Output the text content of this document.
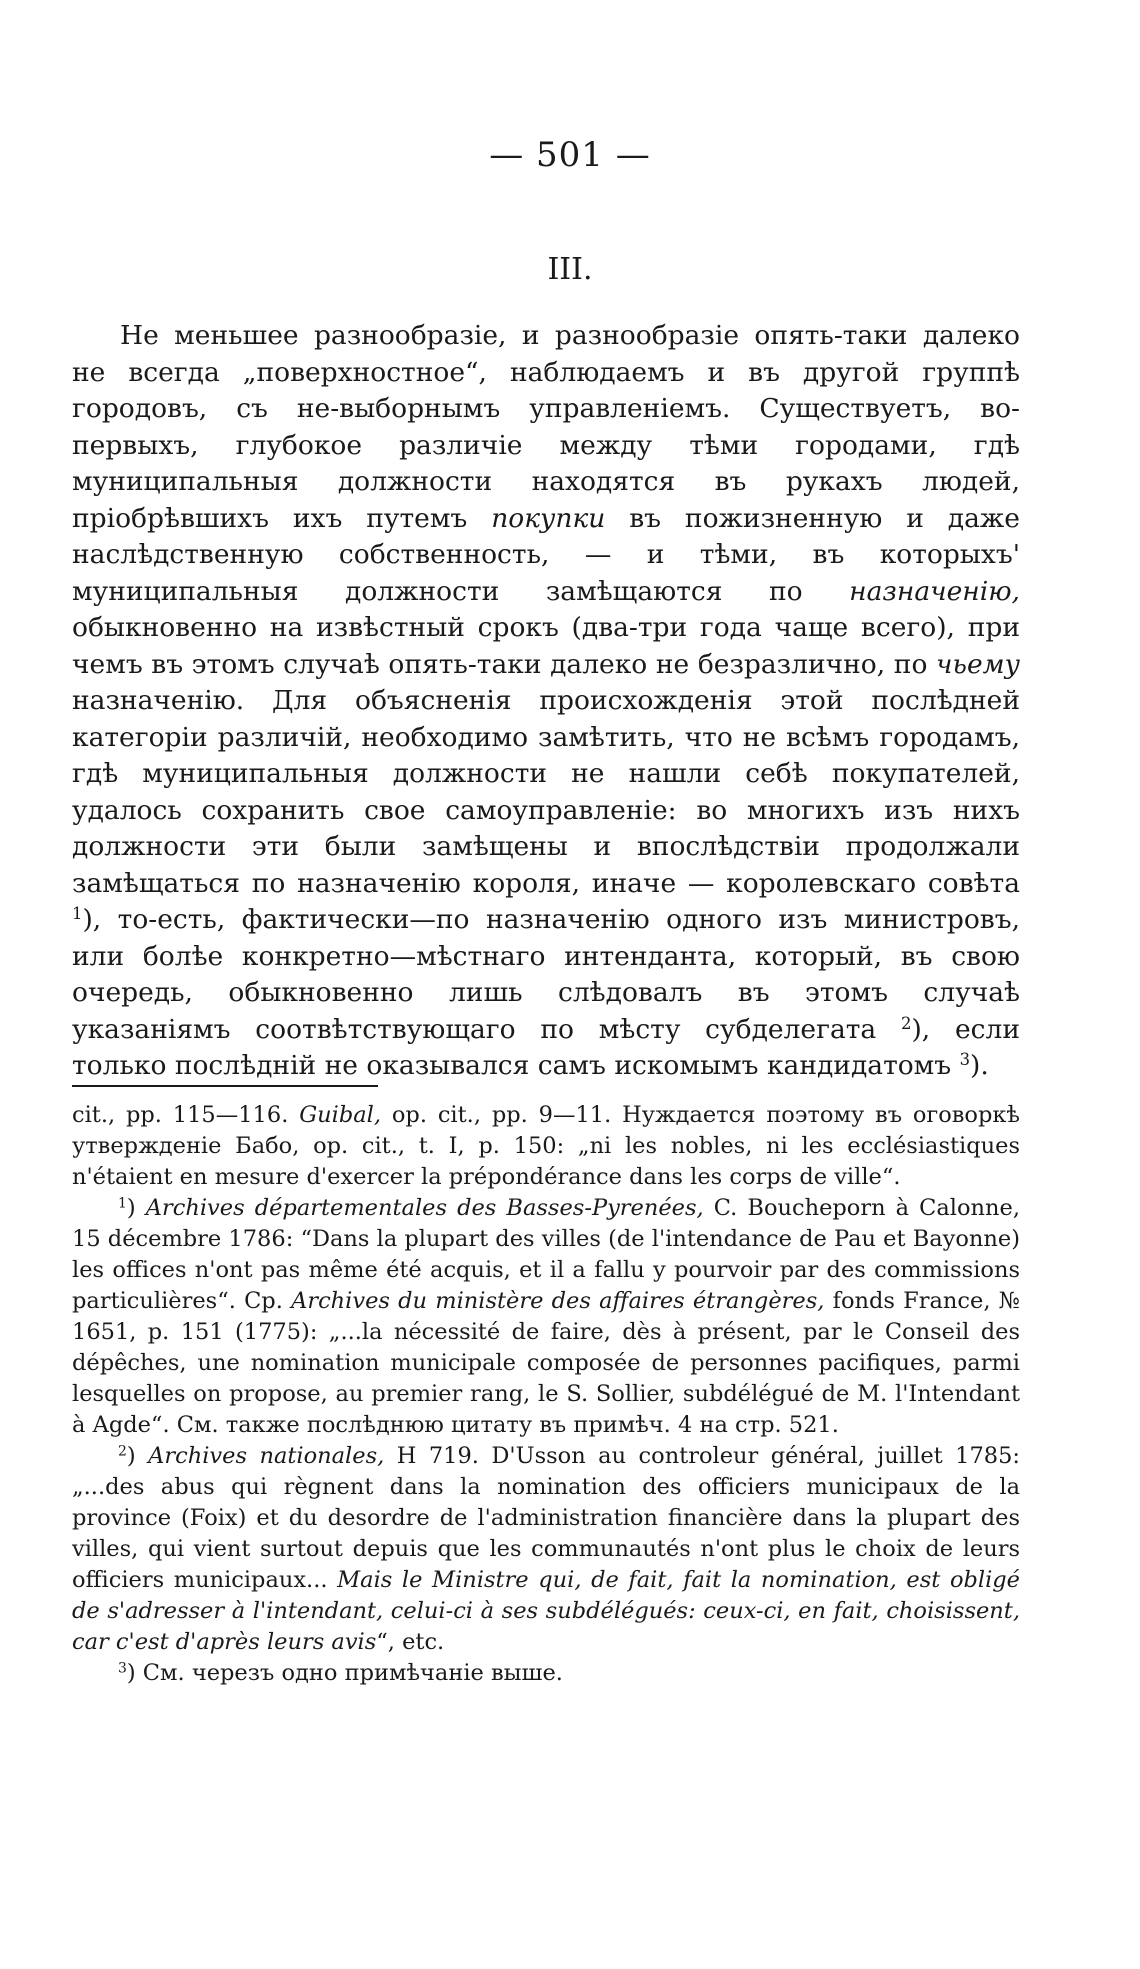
— 501 —
III.

Не меньшее разнообразіе, и разнообразіе опять-таки далеко не всегда „поверхностное“, наблюдаемъ и въ другой группѣ городовъ, съ не-выборнымъ управленіемъ. Существуетъ, во-первыхъ, глубокое различіе между тѣми городами, гдѣ муниципальныя должности находятся въ рукахъ людей, пріобрѣвшихъ ихъ путемъ покупки въ пожизненную и даже наслѣдственную собственность, — и тѣми, въ которыхъ' муниципальныя должности замѣщаются по назначенію, обыкновенно на извѣстный срокъ (два-три года чаще всего), при чемъ въ этомъ случаѣ опять-таки далеко не безразлично, по чьему назначенію. Для объясненія происхожденія этой послѣдней категоріи различій, необходимо замѣтить, что не всѣмъ городамъ, гдѣ муниципальныя должности не нашли себѣ покупателей, удалось сохранить свое самоуправленіе: во многихъ изъ нихъ должности эти были замѣщены и впослѣдствіи продолжали замѣщаться по назначенію короля, иначе — королевскаго совѣта $^1$), то-есть, фактически—по назначенію одного изъ министровъ, или болѣе конкретно—мѣстнаго интенданта, который, въ свою очередь, обыкновенно лишь слѣдовалъ въ этомъ случаѣ указаніямъ соотвѣтствующаго по мѣсту субделегата $^2$), если только послѣдній не оказывался самъ искомымъ кандидатомъ $^3$).

cit., pp. 115—116. Guibal, op. cit., pp. 9—11. Нуждается поэтому въ оговоркѣ утвержденіе Бабо, op. cit., t. I, p. 150: „ni les nobles, ni les ecclésiastiques n'étaient en mesure d'exercer la prépondérance dans les corps de ville“.

$^1$) Archives départementales des Basses-Pyrenées, C. Boucheporn à Calonne, 15 décembre 1786: “Dans la plupart des villes (de l'intendance de Pau et Bayonne) les offices n'ont pas même été acquis, et il a fallu y pourvoir par des commissions particulières“. Ср. Archives du ministère des affaires étrangères, fonds France, № 1651, p. 151 (1775): „...la nécessité de faire, dès à présent, par le Conseil des dépêches, une nomination municipale composée de personnes pacifiques, parmi lesquelles on propose, au premier rang, le S. Sollier, subdélégué de M. l'Intendant à Agde“. См. также послѣднюю цитату въ примѣч. 4 на стр. 521.

$^2$) Archives nationales, H 719. D'Usson au controleur général, juillet 1785: „...des abus qui règnent dans la nomination des officiers municipaux de la province (Foix) et du desordre de l'administration financière dans la plupart des villes, qui vient surtout depuis que les communautés n'ont plus le choix de leurs officiers municipaux... Mais le Ministre qui, de fait, fait la nomination, est obligé de s'adresser à l'intendant, celui-ci à ses subdélégués: ceux-ci, en fait, choisissent, car c'est d'après leurs avis“, etc.

$^3$) См. черезъ одно примѣчаніе выше.
